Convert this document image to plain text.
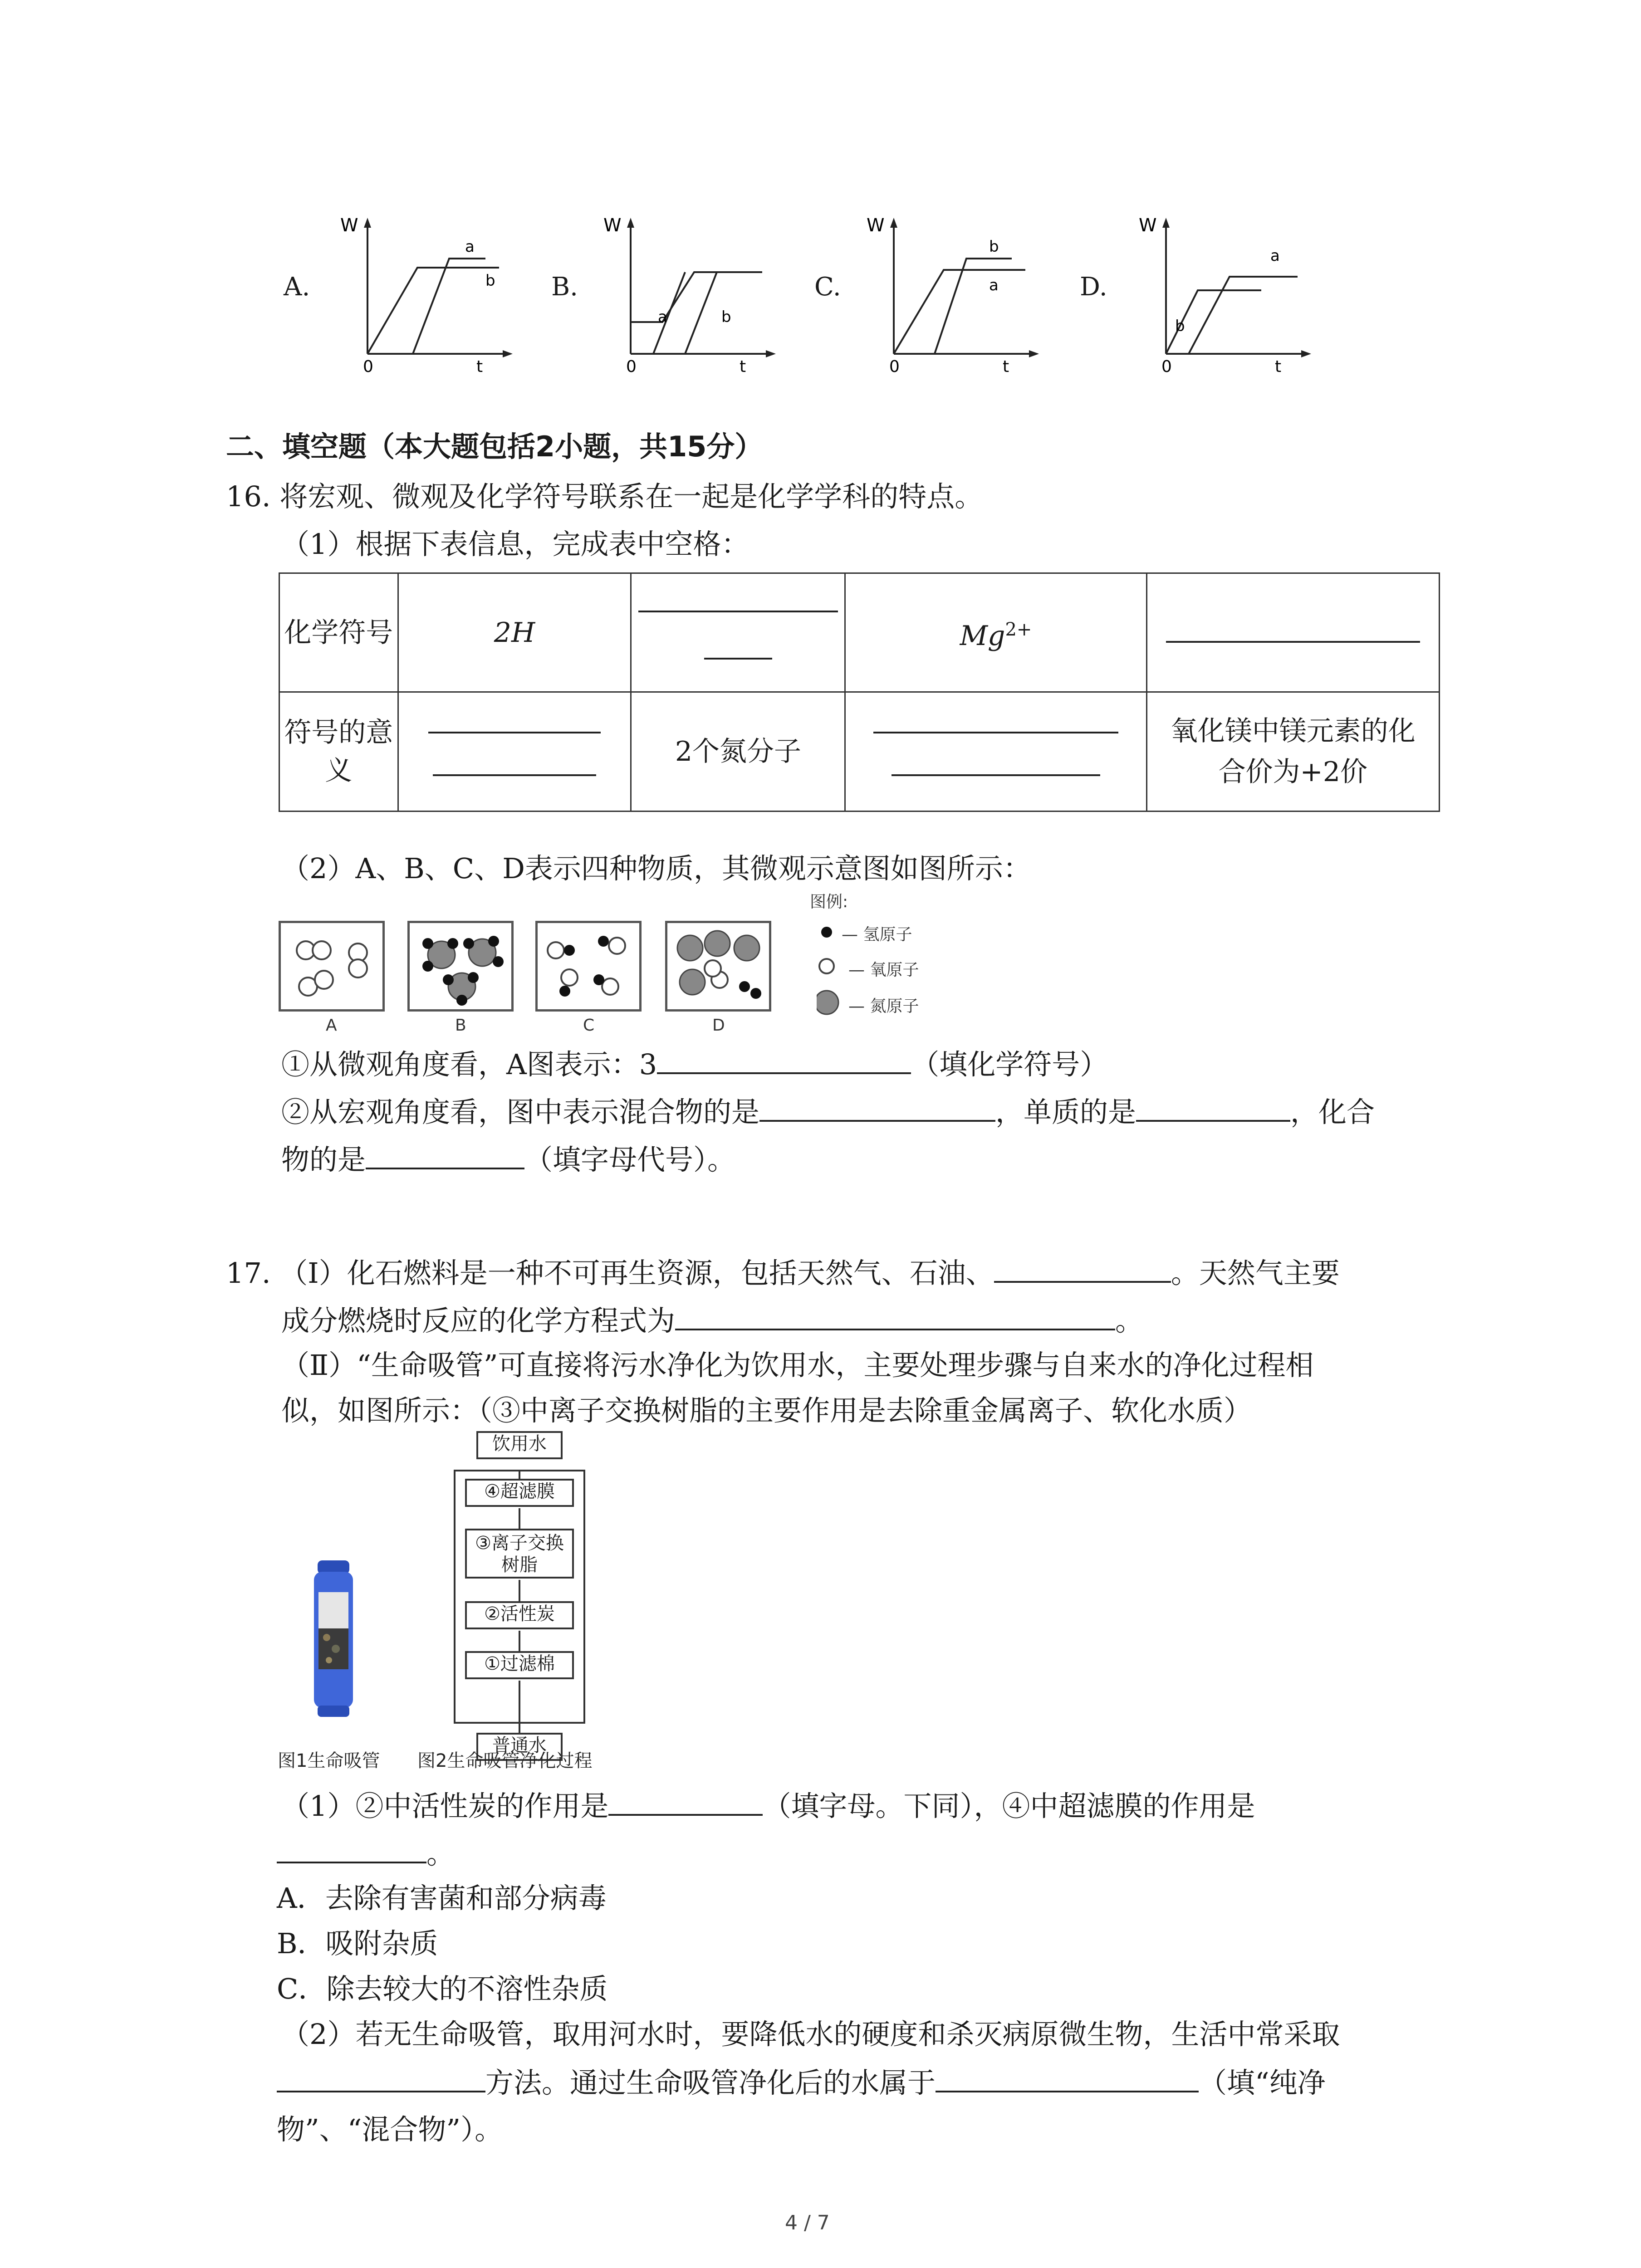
A.
W
0	t
a
b B.
W
0	t
a	b
C.
W
0	t
b
a	D.
W
0	t
a
b
二、填空题（本大题包括2小题，共15分）
16. 将宏观、微观及化学符号联系在一起是化学学科的特点。
（1）根据下表信息，完成表中空格：
化学符号	2H		$Mg^{2+}$	

符号的意义		2个氮分子		氧化镁中镁元素的化合价为+2价
（2）A、B、C、D表示四种物质，其微观示意图如图所示：
A	B	C	D
图例:
— 氢原子
— 氧原子
— 氮原子
①从微观角度看，A图表示：3	（填化学符号）
②从宏观角度看，图中表示混合物的是	，单质的是	，化合
物的是	（填字母代号）。
17. （Ⅰ）化石燃料是一种不可再生资源，包括天然气、石油、	。天然气主要
成分燃烧时反应的化学方程式为	。
（Ⅱ）“生命吸管”可直接将污水净化为饮用水，主要处理步骤与自来水的净化过程相
似，如图所示：（③中离子交换树脂的主要作用是去除重金属离子、软化水质）
饮用水
④超滤膜
③离子交换树脂
②活性炭
①过滤棉
普通水
图1生命吸管 图2生命吸管净化过程
（1）②中活性炭的作用是	（填字母。下同），④中超滤膜的作用是
。
A．去除有害菌和部分病毒
B．吸附杂质
C．除去较大的不溶性杂质
（2）若无生命吸管，取用河水时，要降低水的硬度和杀灭病原微生物，生活中常采取
方法。通过生命吸管净化后的水属于	（填“纯净
物”、“混合物”）。
4 / 7
